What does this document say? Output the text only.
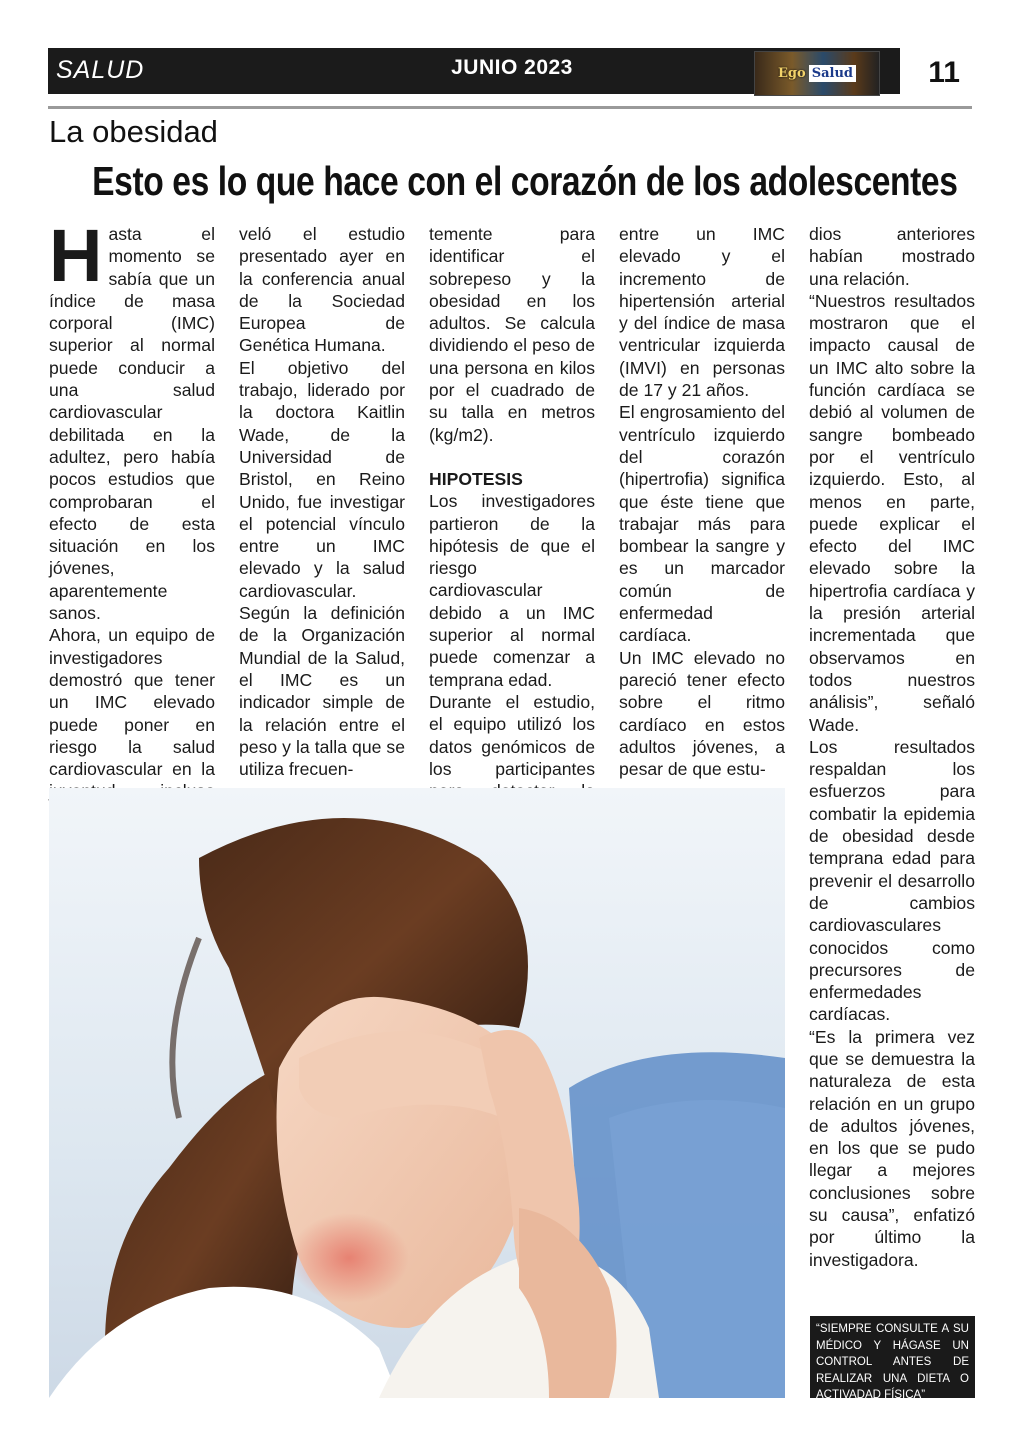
SALUD	JUNIO 2023	Ego Salud	11
La obesidad
Esto es lo que hace con el corazón de los adolescentes
H asta el momento se sabía que un índice de masa corporal (IMC) superior al normal puede conducir a una salud cardiovascular debilitada en la adultez, pero había pocos estudios que comprobaran el efecto de esta situación en los jóvenes, aparentemente sanos.

Ahora, un equipo de investigadores demostró que tener un IMC elevado puede poner en riesgo la salud cardiovascular en la

veló el estudio presentado ayer en la conferencia anual de la Sociedad Europea de Genética Humana.

El objetivo del trabajo, liderado por la doctora Kaitlin Wade, de la Universidad de Bristol, en Reino Unido, fue investigar el potencial vínculo entre un IMC elevado y la salud cardiovascular.

Según la definición de la Organización Mundial de la Salud, el IMC es un indicador simple de la relación entre el peso y la talla que se utiliza frecuen-

temente para identificar el sobrepeso y la obesidad en los adultos. Se calcula dividiendo el peso de una persona en kilos por el cuadrado de su talla en metros (kg/m2).

HIPOTESIS

Los investigadores partieron de la hipótesis de que el riesgo cardiovascular debido a un IMC superior al normal puede comenzar a temprana edad.

Durante el estudio, el equipo utilizó los datos genómicos de los participantes

entre un IMC elevado y el incremento de hipertensión arterial y del índice de masa ventricular izquierda (IMVI) en personas de 17 y 21 años.

El engrosamiento del ventrículo izquierdo del corazón (hipertrofia) significa que éste tiene que trabajar más para bombear la sangre y es un marcador común de enfermedad cardíaca.

Un IMC elevado no pareció tener efecto sobre el ritmo cardíaco en estos adultos jóvenes, a pesar de que estu-

dios anteriores habían mostrado una relación.

“Nuestros resultados mostraron que el impacto causal de un IMC alto sobre la función cardíaca se debió al volumen de sangre bombeado por el ventrículo izquierdo. Esto, al menos en parte, puede explicar el efecto del IMC elevado sobre la hipertrofia cardíaca y la presión arterial incrementada que observamos en todos nuestros análisis”, señaló Wade.

Los resultados respaldan los esfuerzos para combatir la epidemia de obesidad desde temprana edad para prevenir el desarrollo de cambios cardiovasculares conocidos como precursores de enfermedades cardíacas.

“Es la primera vez que se demuestra la naturaleza de esta relación en un grupo de adultos jóvenes, en los que se pudo llegar a mejores conclusiones sobre su causa”, enfatizó por último la investigadora.

“SIEMPRE CONSULTE A SU MÉDICO Y HÁGASE UN CONTROL ANTES DE REALIZAR UNA DIETA O ACTIVADAD FÍSICA”
